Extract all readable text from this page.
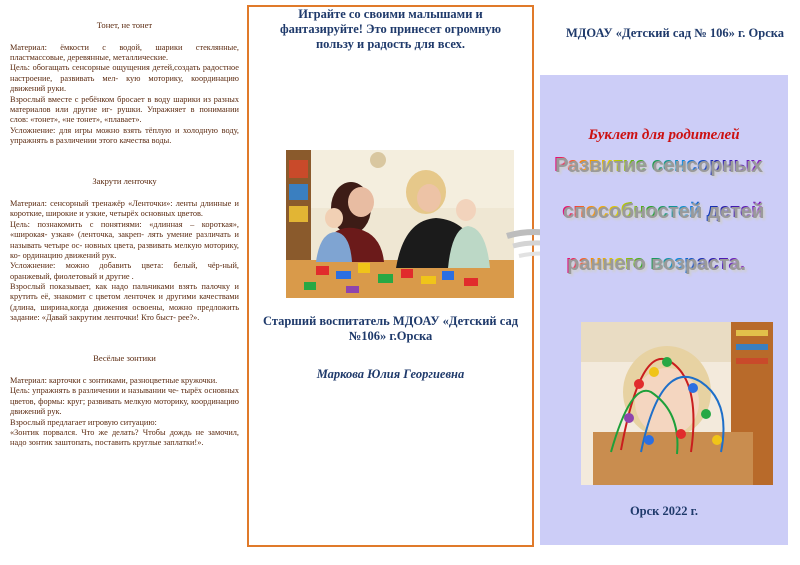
Тонет, не тонет

Материал: ёмкости с водой, шарики стеклянные, пластмассовые, деревянные, металлические.

Цель: обогащать сенсорные ощущения детей,создать радостное настроение, развивать мел- кую моторику, координацию движений руки.

Взрослый вместе с ребёнком бросает в воду шарики из разных материалов или другие иг- рушки. Упражняет в понимании слов: «тонет», «не тонет», «плавает».

Усложнение: для игры можно взять тёплую и холодную воду, упражнять в различении этого качества воды.

Закрути ленточку

Материал: сенсорный тренажёр «Ленточки»: ленты длинные и короткие, широкие и узкие, четырёх основных цветов.

Цель: познакомить с понятиями: «длинная – короткая», «широкая- узкая» (ленточка, закреп- лять умение различать и называть четыре ос- новных цвета, развивать мелкую моторику, ко- ординацию движений рук.

Усложнение: можно добавить цвета: белый, чёр-ный, оранжевый, фиолетовый и другие .

Взрослый показывает, как надо пальчиками взять палочку и крутить её, знакомит с цветом ленточек и другими качествами (длина, ширина,когда движения освоены, можно предложить задание: «Давай закрутим ленточки! Кто быст- рее?».

Весёлые зонтики

Материал: карточки с зонтиками, разноцветные кружочки.

Цель: упражнять в различении и назывании че- тырёх основных цветов, формы: круг; развивать мелкую моторику, координацию движений рук.

Взрослый предлагает игровую ситуацию:

«Зонтик порвался. Что же делать? Чтобы дождь не замочил, надо зонтик заштопать, поставить круглые заплатки!».

Играйте со своими малышами и фантазируйте! Это принесет огромную пользу и радость для всех.
Старший воспитатель МДОАУ «Детский сад №106» г.Орска
Маркова Юлия Георгиевна
МДОАУ «Детский сад № 106» г. Орска
Буклет для родителей
Развитие сенсорных
способностей детей
раннего возраста.
Орск 2022 г.
